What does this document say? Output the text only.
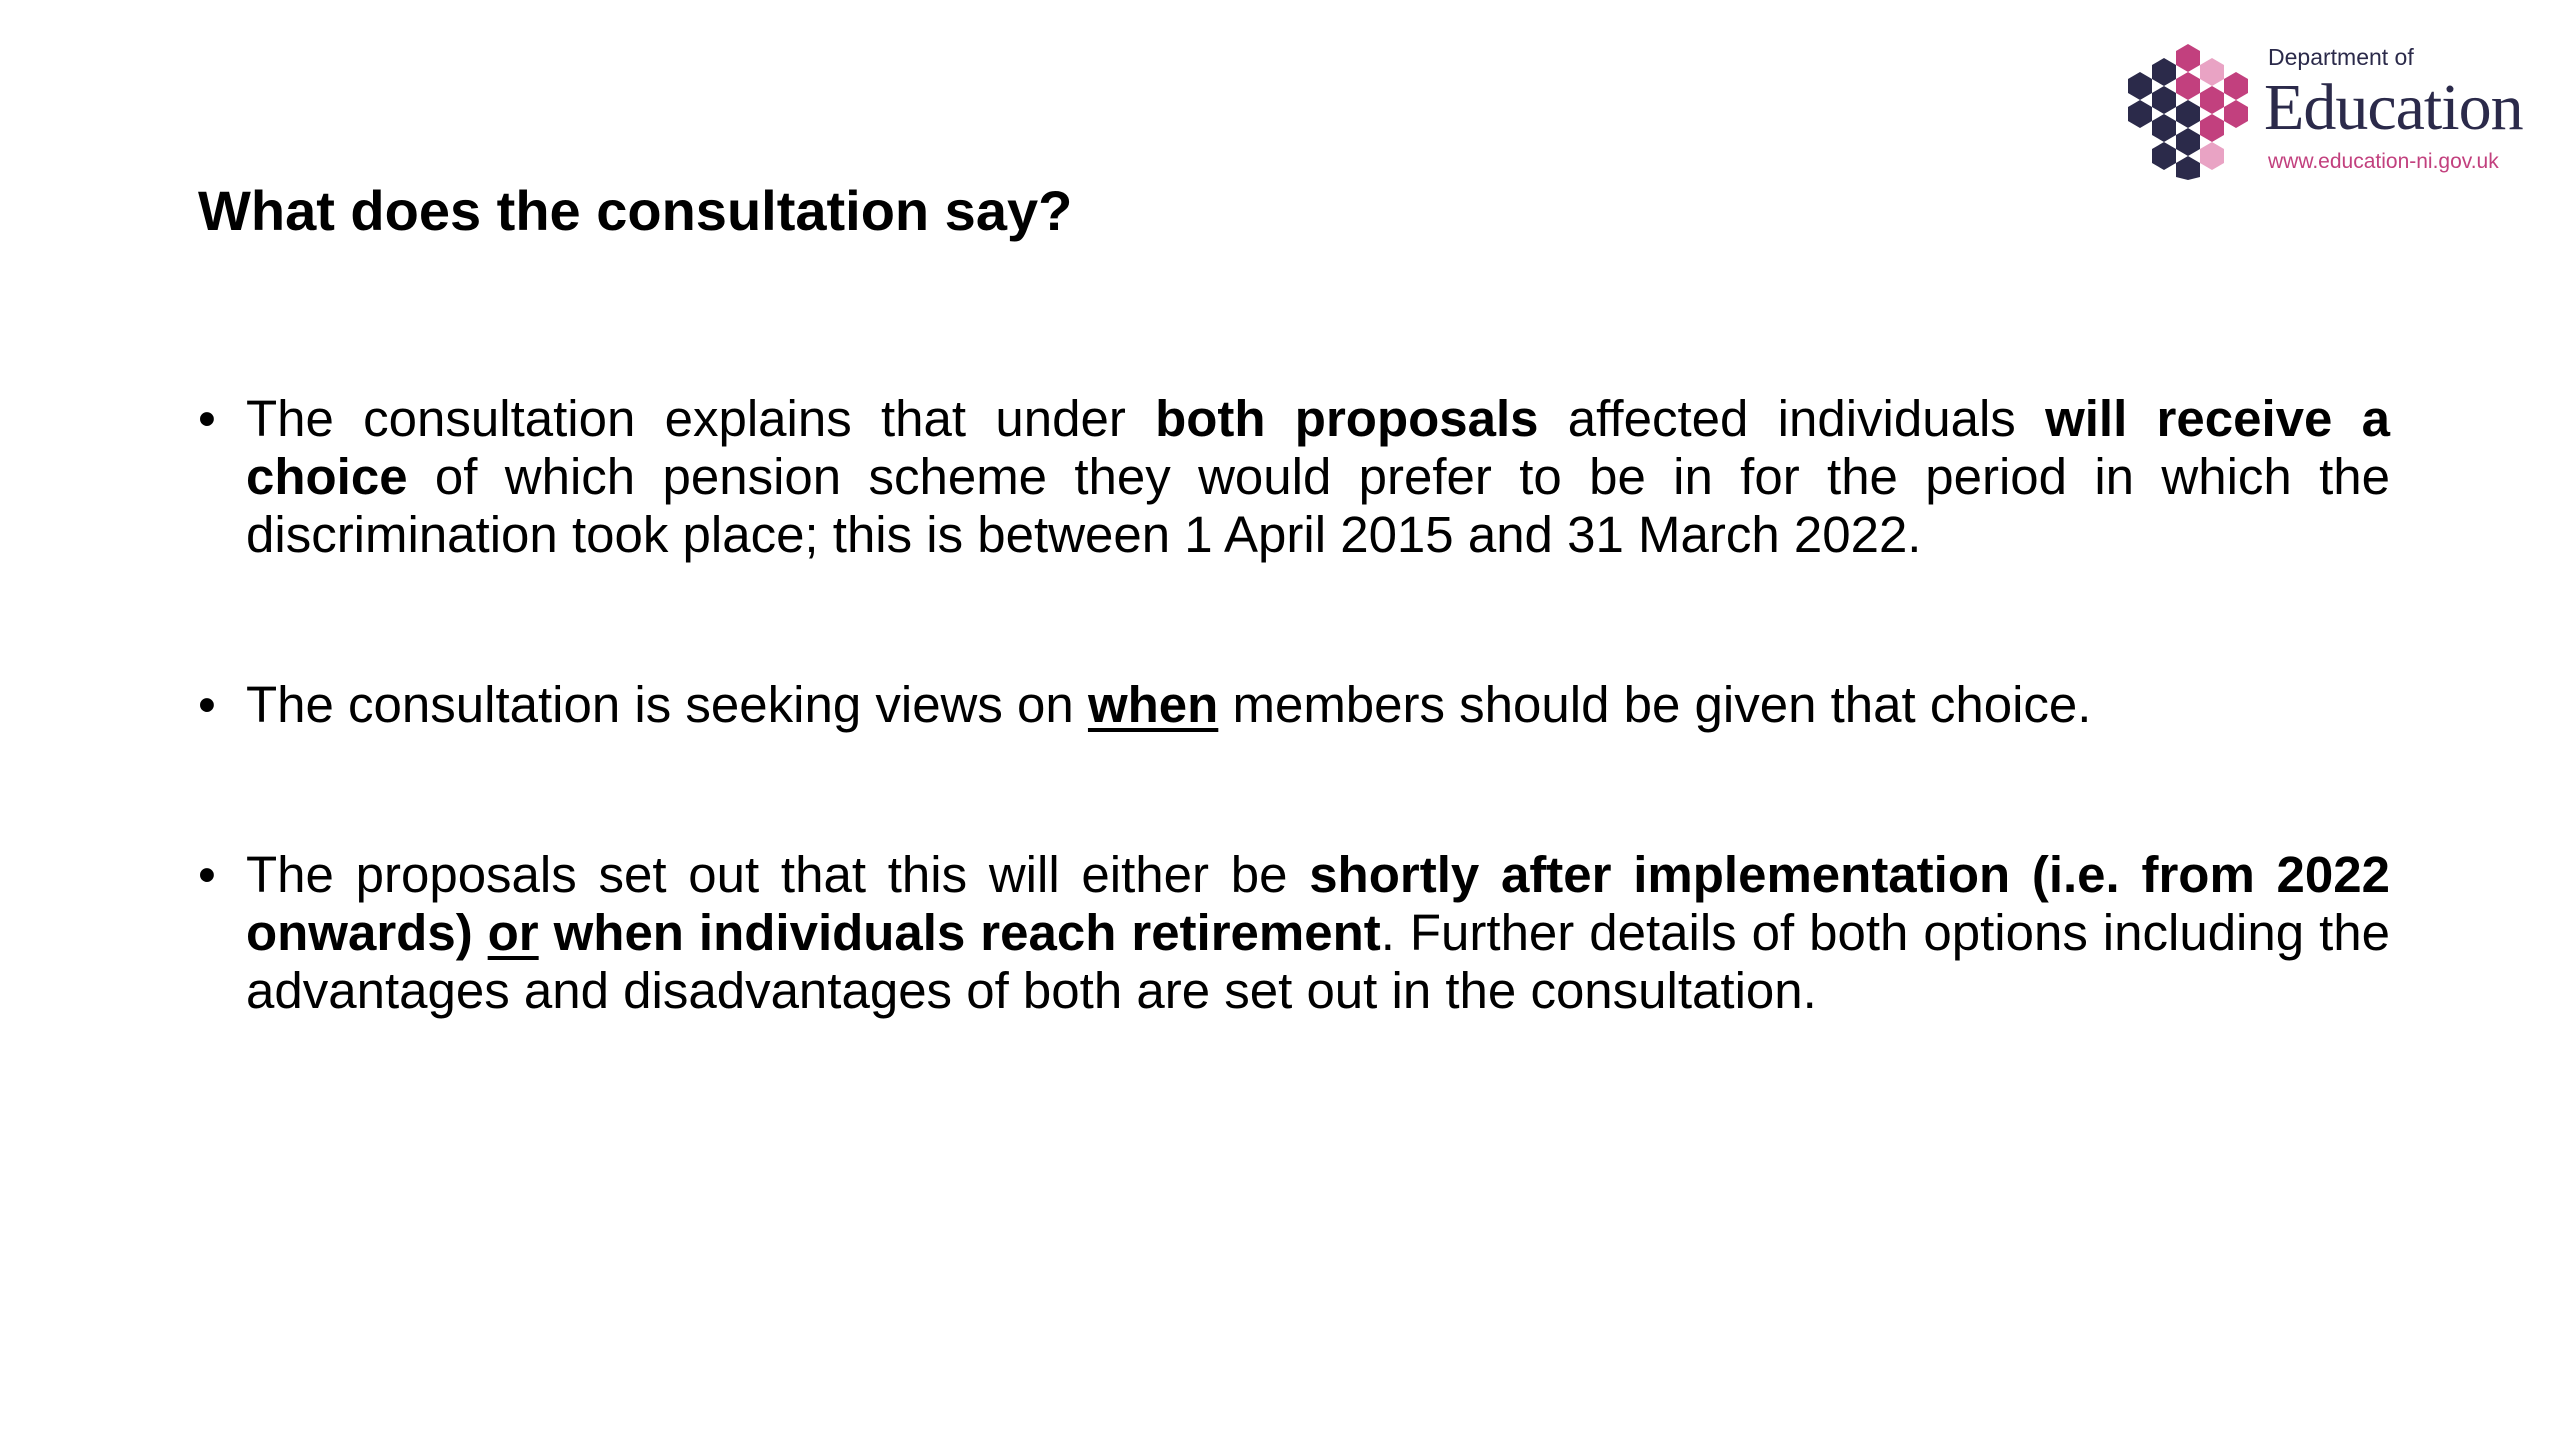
Department of
Education
www.education-ni.gov.uk
What does the consultation say?
• The consultation explains that under both proposals affected individuals will receive a choice of which pension scheme they would prefer to be in for the period in which the discrimination took place; this is between 1 April 2015 and 31 March 2022.
• The consultation is seeking views on when members should be given that choice.
• The proposals set out that this will either be shortly after implementation (i.e. from 2022 onwards) or when individuals reach retirement. Further details of both options including the advantages and disadvantages of both are set out in the consultation.
